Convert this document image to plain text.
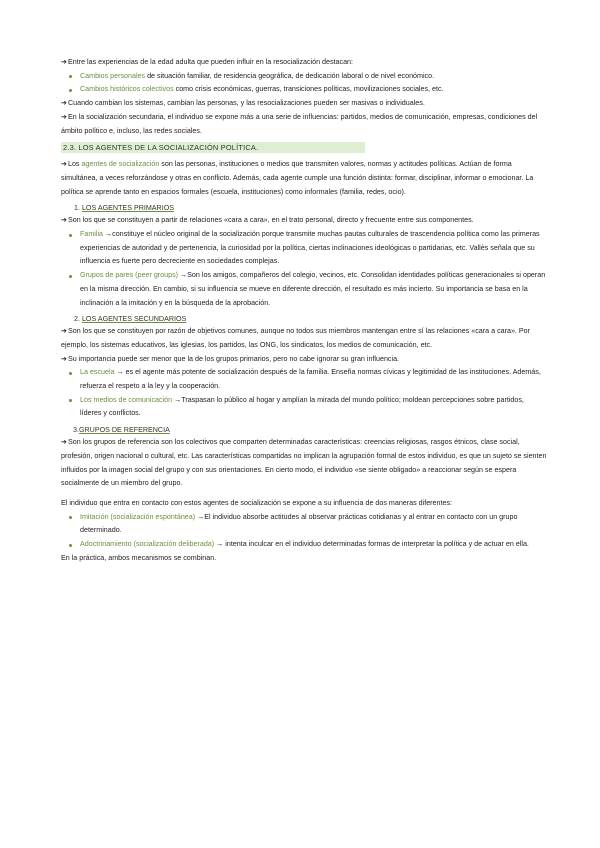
➔Entre las experiencias de la edad adulta que pueden influir en la resocialización destacan:

Cambios personales de situación familiar, de residencia geográfica, de dedicación laboral o de nivel económico.
Cambios históricos colectivos como crisis económicas, guerras, transiciones políticas, movilizaciones sociales, etc.

➔Cuando cambian los sistemas, cambian las personas, y las resocializaciones pueden ser masivas o individuales.

➔En la socialización secundaria, el individuo se expone más a una serie de influencias: partidos, medios de comunicación, empresas, condiciones del ámbito político e, incluso, las redes sociales.

2.3. LOS AGENTES DE LA SOCIALIZACIÓN POLÍTICA.

➔Los agentes de socialización son las personas, instituciones o medios que transmiten valores, normas y actitudes políticas. Actúan de forma simultánea, a veces reforzándose y otras en conflicto. Además, cada agente cumple una función distinta: formar, disciplinar, informar o emocionar. La política se aprende tanto en espacios formales (escuela, instituciones) como informales (familia, redes, ocio).

1. LOS AGENTES PRIMARIOS

➔Son los que se constituyen a partir de relaciones «cara a cara», en el trato personal, directo y frecuente entre sus componentes.

Familia →constituye el núcleo original de la socialización porque transmite muchas pautas culturales de trascendencia política como las primeras experiencias de autoridad y de pertenencia, la curiosidad por la política, ciertas inclinaciones ideológicas o partidarias, etc. Vallès señala que su influencia es fuerte pero decreciente en sociedades complejas.
Grupos de pares (peer groups) →Son los amigos, compañeros del colegio, vecinos, etc. Consolidan identidades políticas generacionales si operan en la misma dirección. En cambio, si su influencia se mueve en diferente dirección, el resultado es más incierto. Su importancia se basa en la inclinación a la imitación y en la búsqueda de la aprobación.
2. LOS AGENTES SECUNDARIOS

➔Son los que se constituyen por razón de objetivos comunes, aunque no todos sus miembros mantengan entre sí las relaciones «cara a cara». Por ejemplo, los sistemas educativos, las iglesias, los partidos, las ONG, los sindicatos, los medios de comunicación, etc.

➔Su importancia puede ser menor que la de los grupos primarios, pero no cabe ignorar su gran influencia.

La escuela → es el agente más potente de socialización después de la familia. Enseña normas cívicas y legitimidad de las instituciones. Además, refuerza el respeto a la ley y la cooperación.
Los medios de comunicación →Traspasan lo público al hogar y amplían la mirada del mundo político; moldean percepciones sobre partidos, líderes y conflictos.
3.GRUPOS DE REFERENCIA

➔Son los grupos de referencia son los colectivos que comparten determinadas características: creencias religiosas, rasgos étnicos, clase social, profesión, origen nacional o cultural, etc. Las características compartidas no implican la agrupación formal de estos individuo, es que un sujeto se sienten influidos por la imagen social del grupo y con sus orientaciones. En cierto modo, el individuo «se siente obligado» a reaccionar según se espera socialmente de un miembro del grupo.

El individuo que entra en contacto con estos agentes de socialización se expone a su influencia de dos maneras diferentes:

Imitación (socialización espontánea) →El individuo absorbe actitudes al observar prácticas cotidianas y al entrar en contacto con un grupo determinado.
Adoctrinamiento (socialización deliberada) → intenta inculcar en el individuo determinadas formas de interpretar la política y de actuar en ella.

En la práctica, ambos mecanismos se combinan.
